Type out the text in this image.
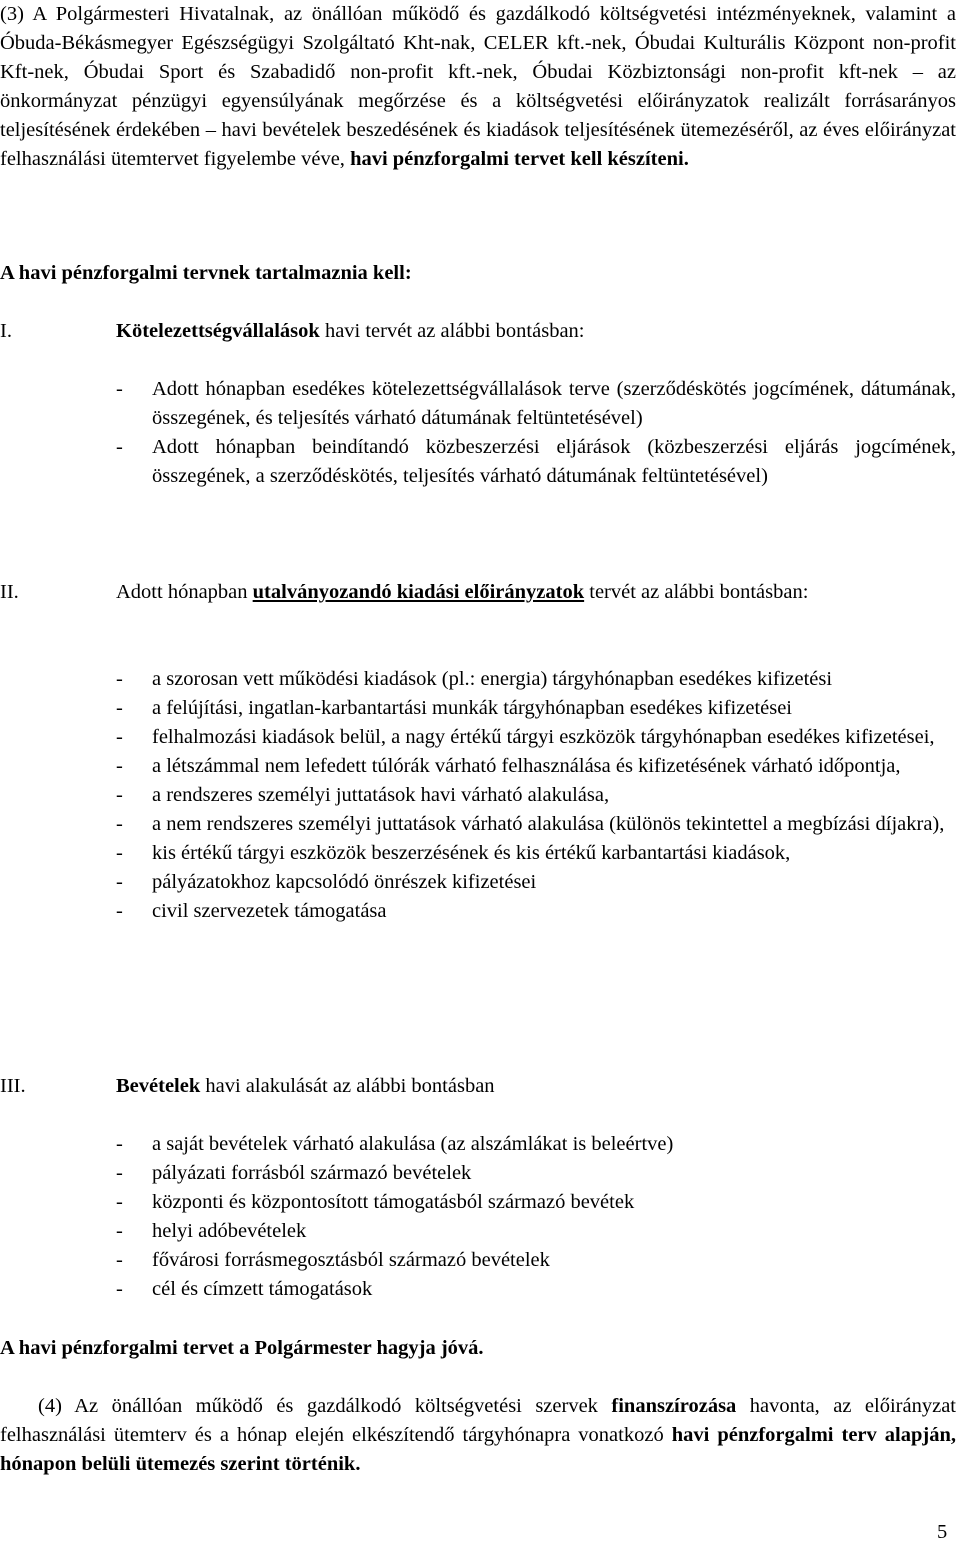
(3) A Polgármesteri Hivatalnak, az önállóan működő és gazdálkodó költségvetési intézményeknek, valamint a Óbuda-Békásmegyer Egészségügyi Szolgáltató Kht-nak, CELER kft.-nek, Óbudai Kulturális Központ non-profit Kft-nek, Óbudai Sport és Szabadidő non-profit kft.-nek, Óbudai Közbiztonsági non-profit kft-nek – az önkormányzat pénzügyi egyensúlyának megőrzése és a költségvetési előirányzatok realizált forrásarányos teljesítésének érdekében – havi bevételek beszedésének és kiadások teljesítésének ütemezéséről, az éves előirányzat felhasználási ütemtervet figyelembe véve, havi pénzforgalmi tervet kell készíteni.

A havi pénzforgalmi tervnek tartalmaznia kell:
I.	Kötelezettségvállalások havi tervét az alábbi bontásban:
- Adott hónapban esedékes kötelezettségvállalások terve (szerződéskötés jogcímének, dátumának, összegének, és teljesítés várható dátumának feltüntetésével)
- Adott hónapban beindítandó közbeszerzési eljárások (közbeszerzési eljárás jogcímének, összegének, a szerződéskötés, teljesítés várható dátumának feltüntetésével)
II.	Adott hónapban utalványozandó kiadási előirányzatok tervét az alábbi bontásban:
- a szorosan vett működési kiadások (pl.: energia) tárgyhónapban esedékes kifizetési
- a felújítási, ingatlan-karbantartási munkák tárgyhónapban esedékes kifizetései
- felhalmozási kiadások belül, a nagy értékű tárgyi eszközök tárgyhónapban esedékes kifizetései,
- a létszámmal nem lefedett túlórák várható felhasználása és kifizetésének várható időpontja,
- a rendszeres személyi juttatások havi várható alakulása,
- a nem rendszeres személyi juttatások várható alakulása (különös tekintettel a megbízási díjakra),
- kis értékű tárgyi eszközök beszerzésének és kis értékű karbantartási kiadások,
- pályázatokhoz kapcsolódó önrészek kifizetései
- civil szervezetek támogatása
III.	Bevételek havi alakulását az alábbi bontásban
- a saját bevételek várható alakulása (az alszámlákat is beleértve)
- pályázati forrásból származó bevételek
- központi és központosított támogatásból származó bevétek
- helyi adóbevételek
- fővárosi forrásmegosztásból származó bevételek
- cél és címzett támogatások
A havi pénzforgalmi tervet a Polgármester hagyja jóvá.

(4) Az önállóan működő és gazdálkodó költségvetési szervek finanszírozása havonta, az előirányzat felhasználási ütemterv és a hónap elején elkészítendő tárgyhónapra vonatkozó havi pénzforgalmi terv alapján, hónapon belüli ütemezés szerint történik.

5
